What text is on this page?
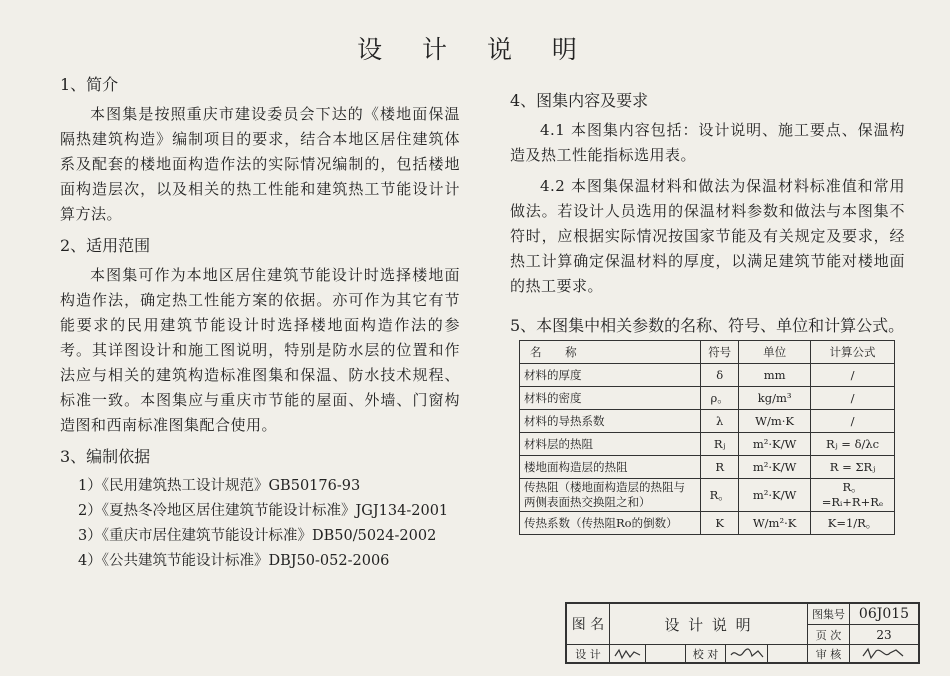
设 计 说 明

1、简介

本图集是按照重庆市建设委员会下达的《楼地面保温隔热建筑构造》编制项目的要求，结合本地区居住建筑体系及配套的楼地面构造作法的实际情况编制的，包括楼地面构造层次，以及相关的热工性能和建筑热工节能设计计算方法。

2、适用范围

本图集可作为本地区居住建筑节能设计时选择楼地面构造作法，确定热工性能方案的依据。亦可作为其它有节能要求的民用建筑节能设计时选择楼地面构造作法的参考。其详图设计和施工图说明，特别是防水层的位置和作法应与相关的建筑构造标准图集和保温、防水技术规程、标准一致。本图集应与重庆市节能的屋面、外墙、门窗构造图和西南标准图集配合使用。

3、编制依据

1）《民用建筑热工设计规范》GB50176-93
2）《夏热冬冷地区居住建筑节能设计标准》JGJ134-2001
3）《重庆市居住建筑节能设计标准》DB50/5024-2002
4）《公共建筑节能设计标准》DBJ50-052-2006

4、图集内容及要求

4.1 本图集内容包括：设计说明、施工要点、保温构造及热工性能指标选用表。

4.2 本图集保温材料和做法为保温材料标准值和常用做法。若设计人员选用的保温材料参数和做法与本图集不符时，应根据实际情况按国家节能及有关规定及要求，经热工计算确定保温材料的厚度，以满足建筑节能对楼地面的热工要求。

5、本图集中相关参数的名称、符号、单位和计算公式。

名 称	符号	单位	计算公式
材料的厚度	δ	mm	/
材料的密度	ρ。	kg/m³	/
材料的导热系数	λ	W/m·K	/
材料层的热阻	Rⱼ	m²·K/W	Rⱼ = δ/λc
楼地面构造层的热阻	R	m²·K/W	R = ΣRⱼ
传热阻（楼地面构造层的热阻与两侧表面热交换阻之和）	R。	m²·K/W	R。=Rᵢ+R+Rₑ
传热系数（传热阻Ro的倒数）	K	W/m²·K	K=1/R。
图 名	设 计 说 明
图集号 06J015
页 次	23
设 计	校 对	审 核
